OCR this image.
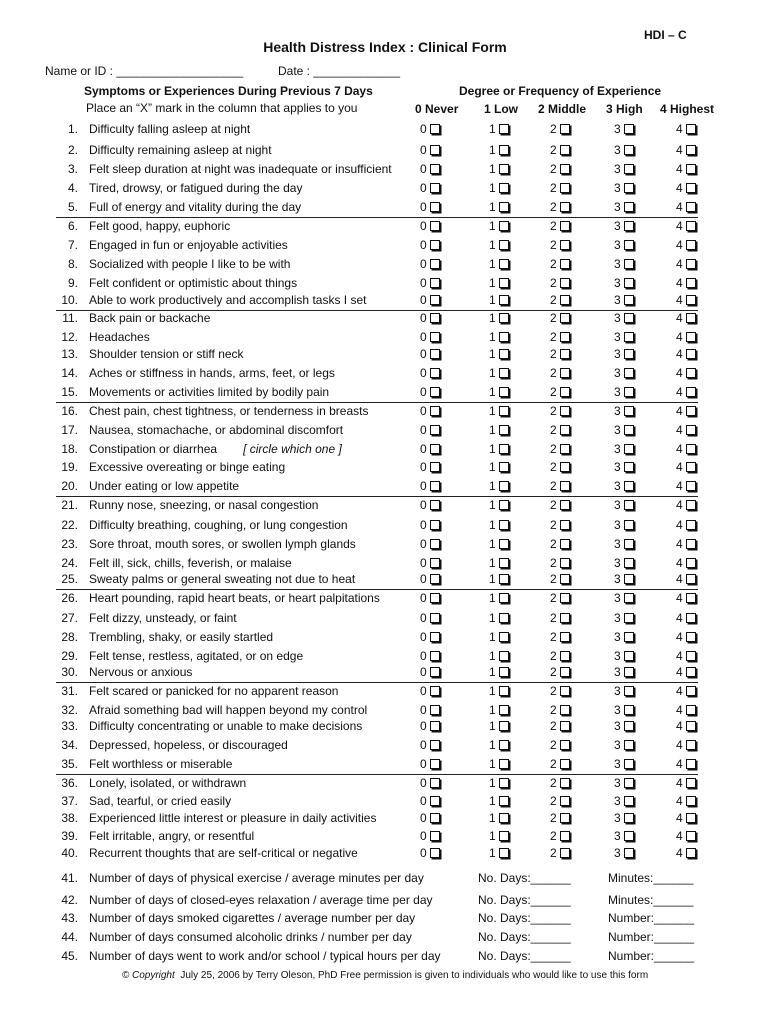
HDI – C
Health Distress Index : Clinical Form
Name or ID : ___________________	Date : _____________
Symptoms or Experiences During Previous 7 Days
Place an “X” mark in the column that applies to you
Degree or Frequency of Experience
0 Never 1 Low 2 Middle 3 High 4 Highest
1. Difficulty falling asleep at night	0	1	2	3	4
2. Difficulty remaining asleep at night	0	1	2	3	4
3. Felt sleep duration at night was inadequate or insufficient 0	1	2	3	4
4. Tired, drowsy, or fatigued during the day	0	1	2	3	4
5. Full of energy and vitality during the day	0	1	2	3	4
6. Felt good, happy, euphoric	0	1	2	3	4
7. Engaged in fun or enjoyable activities	0	1	2	3	4
8. Socialized with people I like to be with	0	1	2	3	4
9. Felt confident or optimistic about things	0	1	2	3	4
10. Able to work productively and accomplish tasks I set	0	1	2	3	4
11. Back pain or backache	0	1	2	3	4
12. Headaches	0	1	2	3	4
13. Shoulder tension or stiff neck	0	1	2	3	4
14. Aches or stiffness in hands, arms, feet, or legs	0	1	2	3	4
15. Movements or activities limited by bodily pain	0	1	2	3	4
16. Chest pain, chest tightness, or tenderness in breasts	0	1	2	3	4
17. Nausea, stomachache, or abdominal discomfort	0	1	2	3	4
18. Constipation or diarrhea [ circle which one ]	0	1	2	3	4
19. Excessive overeating or binge eating	0	1	2	3	4
20. Under eating or low appetite	0	1	2	3	4
21. Runny nose, sneezing, or nasal congestion	0	1	2	3	4
22. Difficulty breathing, coughing, or lung congestion	0	1	2	3	4
23. Sore throat, mouth sores, or swollen lymph glands	0	1	2	3	4
24. Felt ill, sick, chills, feverish, or malaise	0	1	2	3	4
25. Sweaty palms or general sweating not due to heat	0	1	2	3	4
26. Heart pounding, rapid heart beats, or heart palpitations	0	1	2	3	4
27. Felt dizzy, unsteady, or faint	0	1	2	3	4
28. Trembling, shaky, or easily startled	0	1	2	3	4
29. Felt tense, restless, agitated, or on edge	0	1	2	3	4
30. Nervous or anxious	0	1	2	3	4
31. Felt scared or panicked for no apparent reason	0	1	2	3	4
32. Afraid something bad will happen beyond my control	0	1	2	3	4
33. Difficulty concentrating or unable to make decisions	0	1	2	3	4
34. Depressed, hopeless, or discouraged	0	1	2	3	4
35. Felt worthless or miserable	0	1	2	3	4
36. Lonely, isolated, or withdrawn	0	1	2	3	4
37. Sad, tearful, or cried easily	0	1	2	3	4
38. Experienced little interest or pleasure in daily activities	0	1	2	3	4
39. Felt irritable, angry, or resentful	0	1	2	3	4
40. Recurrent thoughts that are self-critical or negative	0	1	2	3	4
41. Number of days of physical exercise / average minutes per day	No. Days:______	Minutes:______
42. Number of days of closed-eyes relaxation / average time per day	No. Days:______	Minutes:______
43. Number of days smoked cigarettes / average number per day	No. Days:______	Number:______
44. Number of days consumed alcoholic drinks / number per day	No. Days:______	Number:______
45. Number of days went to work and/or school / typical hours per day	No. Days:______	Number:______
© Copyright July 25, 2006 by Terry Oleson, PhD Free permission is given to individuals who would like to use this form
